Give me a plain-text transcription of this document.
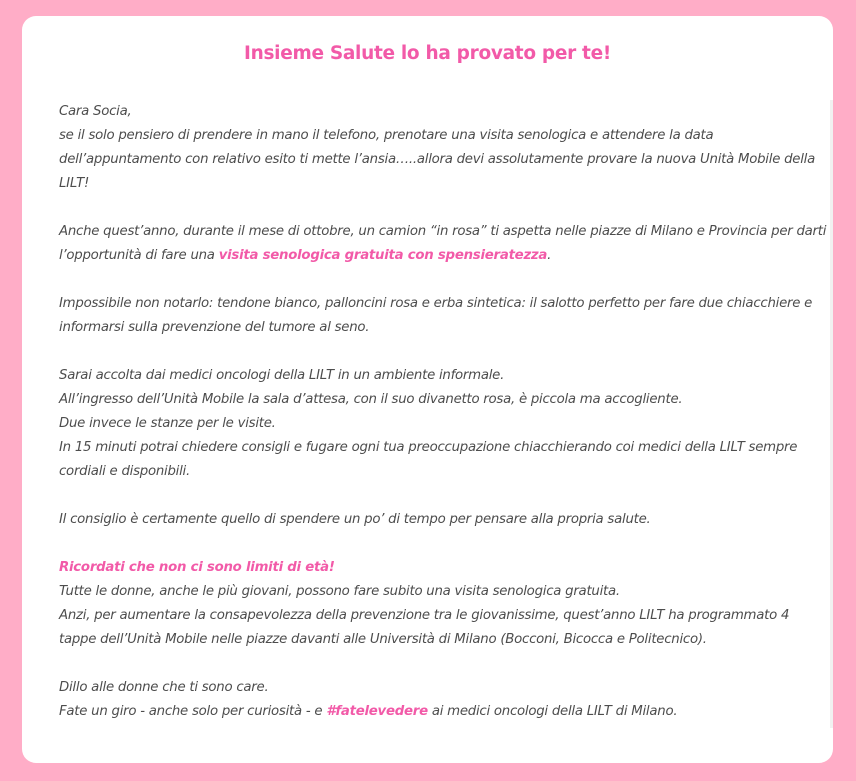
Insieme Salute lo ha provato per te!

Cara Socia,

se il solo pensiero di prendere in mano il telefono, prenotare una visita senologica e attendere la data dell’appuntamento con relativo esito ti mette l’ansia…..allora devi assolutamente provare la nuova Unità Mobile della LILT!

Anche quest’anno, durante il mese di ottobre, un camion “in rosa” ti aspetta nelle piazze di Milano e Provincia per darti l’opportunità di fare una visita senologica gratuita con spensieratezza.

Impossibile non notarlo: tendone bianco, palloncini rosa e erba sintetica: il salotto perfetto per fare due chiacchiere e informarsi sulla prevenzione del tumore al seno.

Sarai accolta dai medici oncologi della LILT in un ambiente informale.

All’ingresso dell’Unità Mobile la sala d’attesa, con il suo divanetto rosa, è piccola ma accogliente.

Due invece le stanze per le visite.

In 15 minuti potrai chiedere consigli e fugare ogni tua preoccupazione chiacchierando coi medici della LILT sempre cordiali e disponibili.

Il consiglio è certamente quello di spendere un po’ di tempo per pensare alla propria salute.

Ricordati che non ci sono limiti di età!

Tutte le donne, anche le più giovani, possono fare subito una visita senologica gratuita.

Anzi, per aumentare la consapevolezza della prevenzione tra le giovanissime, quest’anno LILT ha programmato 4 tappe dell’Unità Mobile nelle piazze davanti alle Università di Milano (Bocconi, Bicocca e Politecnico).

Dillo alle donne che ti sono care.

Fate un giro - anche solo per curiosità - e #fatelevedere ai medici oncologi della LILT di Milano.
